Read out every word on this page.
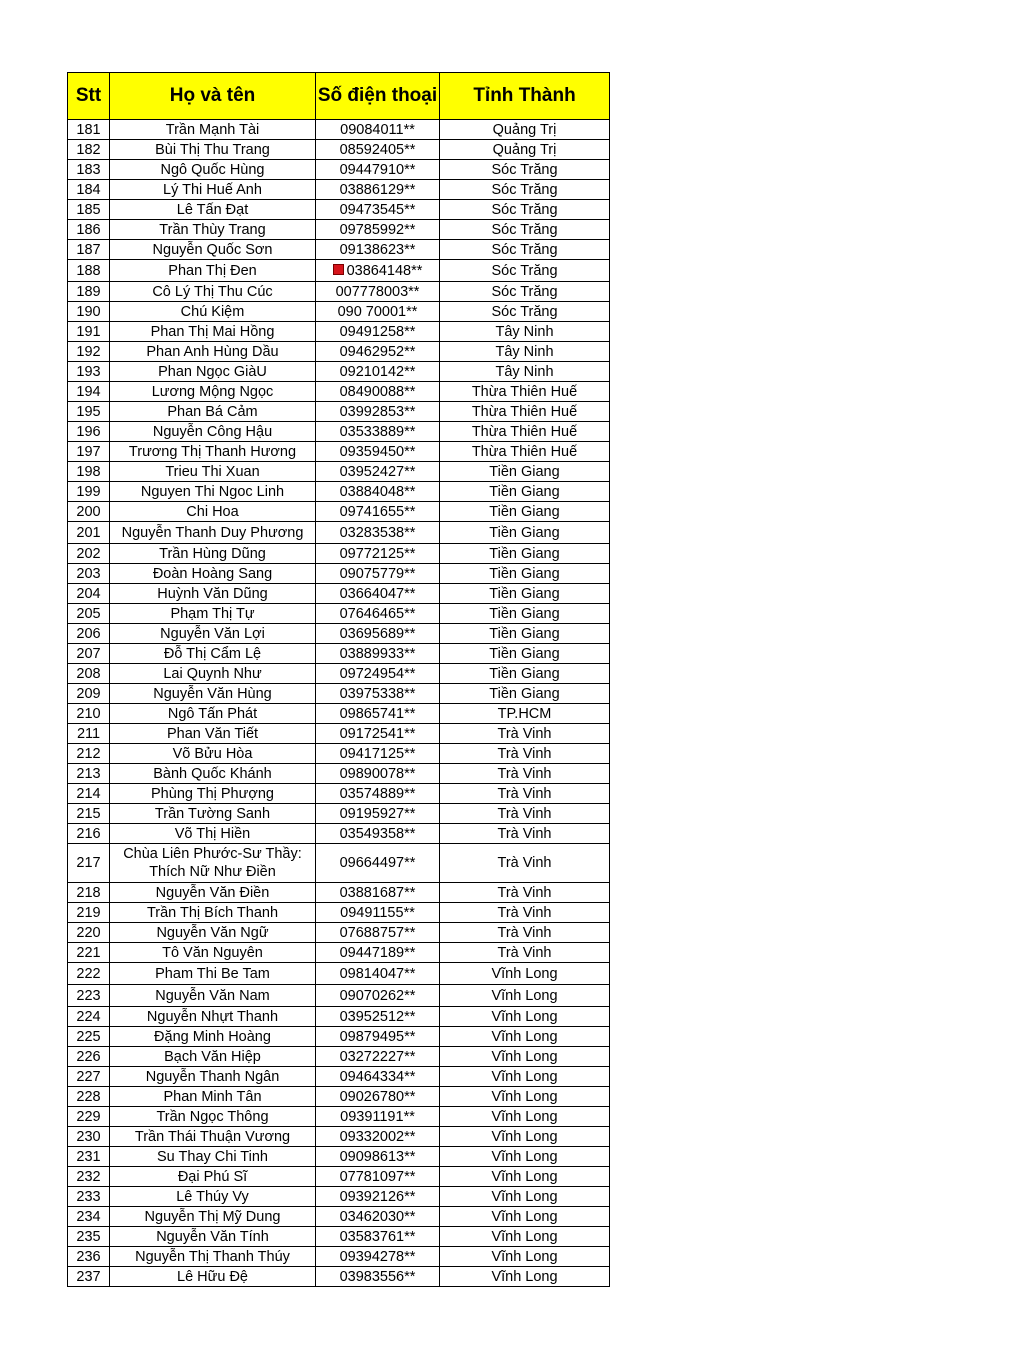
Stt	Họ và tên	Số điện thoại	Tỉnh Thành
181	Trần Mạnh Tài	09084011**	Quảng Trị
182	Bùi Thị Thu Trang	08592405**	Quảng Trị
183	Ngô Quốc Hùng	09447910**	Sóc Trăng
184	Lý Thi Huế Anh	03886129**	Sóc Trăng
185	Lê Tấn Đạt	09473545**	Sóc Trăng
186	Trần Thùy Trang	09785992**	Sóc Trăng
187	Nguyễn Quốc Sơn	09138623**	Sóc Trăng
188	Phan Thị Đen	03864148**	Sóc Trăng
189	Cô Lý Thị Thu Cúc	007778003**	Sóc Trăng
190	Chú Kiệm	090 70001**	Sóc Trăng
191	Phan Thị Mai Hồng	09491258**	Tây Ninh
192	Phan Anh Hùng Dầu	09462952**	Tây Ninh
193	Phan Ngọc GiàU	09210142**	Tây Ninh
194	Lương Mộng Ngọc	08490088**	Thừa Thiên Huế
195	Phan Bá Cảm	03992853**	Thừa Thiên Huế
196	Nguyễn Công Hậu	03533889**	Thừa Thiên Huế
197	Trương Thị Thanh Hương	09359450**	Thừa Thiên Huế
198	Trieu Thi Xuan	03952427**	Tiền Giang
199	Nguyen Thi Ngoc Linh	03884048**	Tiền Giang
200	Chi Hoa	09741655**	Tiền Giang
201	Nguyễn Thanh Duy Phương	03283538**	Tiền Giang
202	Trần Hùng Dũng	09772125**	Tiền Giang
203	Đoàn Hoàng Sang	09075779**	Tiền Giang
204	Huỳnh Văn Dũng	03664047**	Tiền Giang
205	Phạm Thị Tự	07646465**	Tiền Giang
206	Nguyễn Văn Lợi	03695689**	Tiền Giang
207	Đỗ Thị Cẩm Lệ	03889933**	Tiền Giang
208	Lai Quynh Như	09724954**	Tiền Giang
209	Nguyễn Văn Hùng	03975338**	Tiền Giang
210	Ngô Tấn Phát	09865741**	TP.HCM
211	Phan Văn Tiết	09172541**	Trà Vinh
212	Võ Bửu Hòa	09417125**	Trà Vinh
213	Bành Quốc Khánh	09890078**	Trà Vinh
214	Phùng Thị Phượng	03574889**	Trà Vinh
215	Trần Tường Sanh	09195927**	Trà Vinh
216	Võ Thị Hiền	03549358**	Trà Vinh
217	Chùa Liên Phước-Sư Thầy: Thích Nữ Như Điền	09664497**	Trà Vinh
218	Nguyễn Văn Điền	03881687**	Trà Vinh
219	Trần Thị Bích Thanh	09491155**	Trà Vinh
220	Nguyễn Văn Ngữ	07688757**	Trà Vinh
221	Tô Văn Nguyên	09447189**	Trà Vinh
222	Pham Thi Be Tam	09814047**	Vĩnh Long
223	Nguyễn Văn Nam	09070262**	Vĩnh Long
224	Nguyễn Nhựt Thanh	03952512**	Vĩnh Long
225	Đặng Minh Hoàng	09879495**	Vĩnh Long
226	Bạch Văn Hiệp	03272227**	Vĩnh Long
227	Nguyễn Thanh Ngân	09464334**	Vĩnh Long
228	Phan Minh Tân	09026780**	Vĩnh Long
229	Trần Ngọc Thông	09391191**	Vĩnh Long
230	Trần Thái Thuận Vương	09332002**	Vĩnh Long
231	Su Thay Chi Tinh	09098613**	Vĩnh Long
232	Đại Phú Sĩ	07781097**	Vĩnh Long
233	Lê Thúy Vy	09392126**	Vĩnh Long
234	Nguyễn Thị Mỹ Dung	03462030**	Vĩnh Long
235	Nguyễn Văn Tính	03583761**	Vĩnh Long
236	Nguyễn Thị Thanh Thúy	09394278**	Vĩnh Long
237	Lê Hữu Đệ	03983556**	Vĩnh Long
